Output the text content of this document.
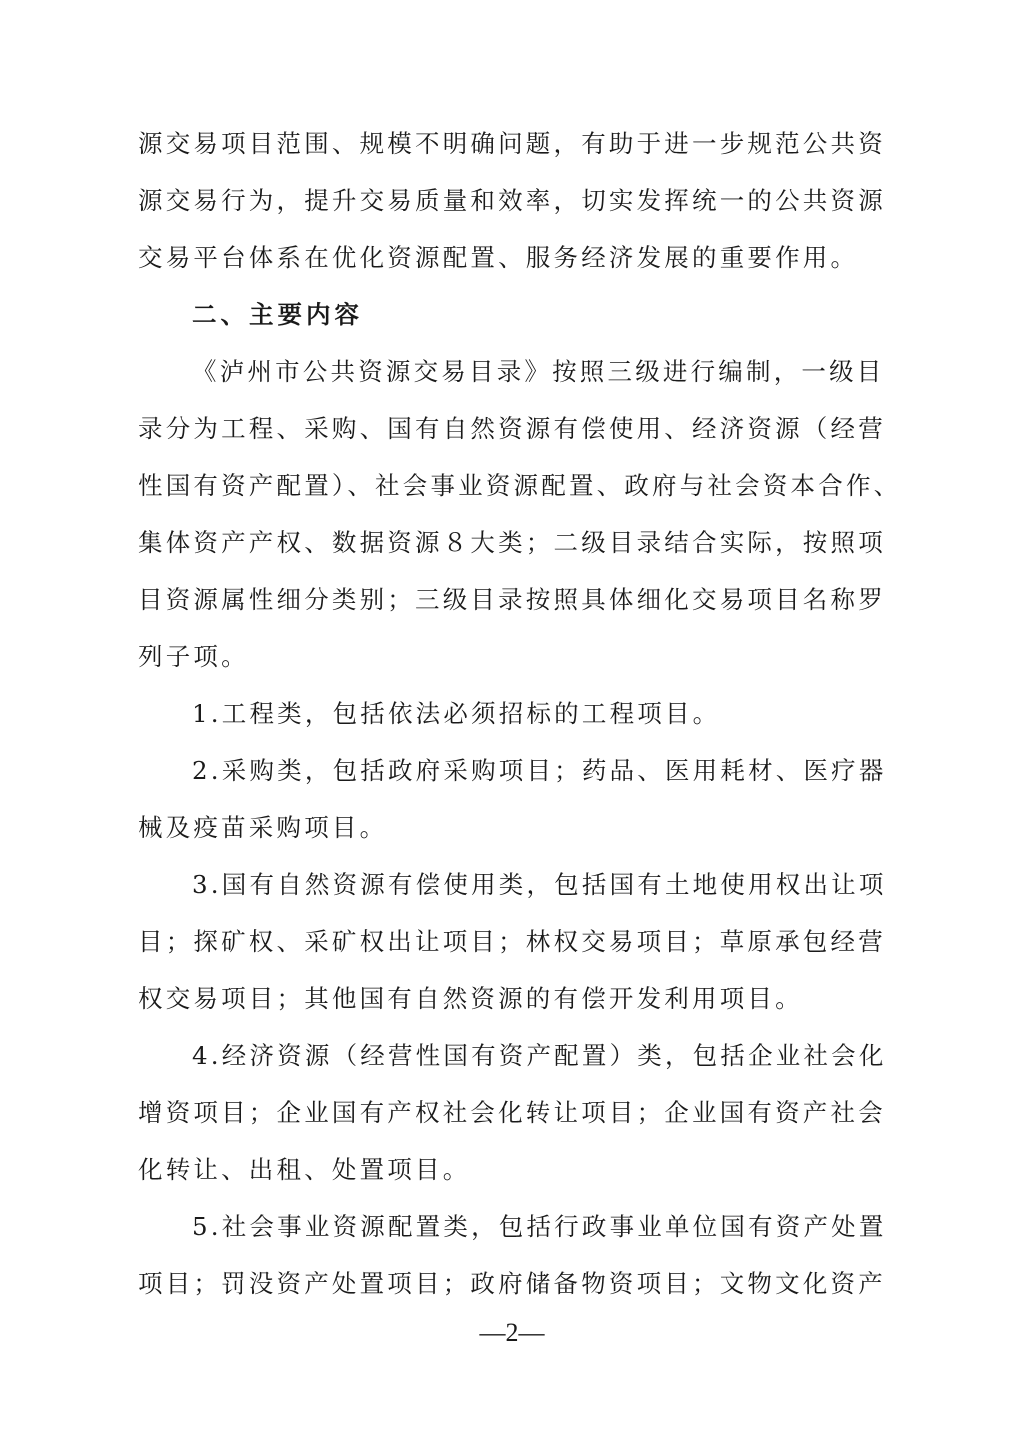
源交易项目范围、规模不明确问题，有助于进一步规范公共资
源交易行为，提升交易质量和效率，切实发挥统一的公共资源
交易平台体系在优化资源配置、服务经济发展的重要作用。
二、主要内容
《泸州市公共资源交易目录》按照三级进行编制，一级目
录分为工程、采购、国有自然资源有偿使用、经济资源（经营
性国有资产配置）、社会事业资源配置、政府与社会资本合作、
集体资产产权、数据资源８大类；二级目录结合实际，按照项
目资源属性细分类别；三级目录按照具体细化交易项目名称罗
列子项。
1.工程类，包括依法必须招标的工程项目。
2.采购类，包括政府采购项目；药品、医用耗材、医疗器
械及疫苗采购项目。
3.国有自然资源有偿使用类，包括国有土地使用权出让项
目；探矿权、采矿权出让项目；林权交易项目；草原承包经营
权交易项目；其他国有自然资源的有偿开发利用项目。
4.经济资源（经营性国有资产配置）类，包括企业社会化
增资项目；企业国有产权社会化转让项目；企业国有资产社会
化转让、出租、处置项目。
5.社会事业资源配置类，包括行政事业单位国有资产处置
项目；罚没资产处置项目；政府储备物资项目；文物文化资产
—2—
